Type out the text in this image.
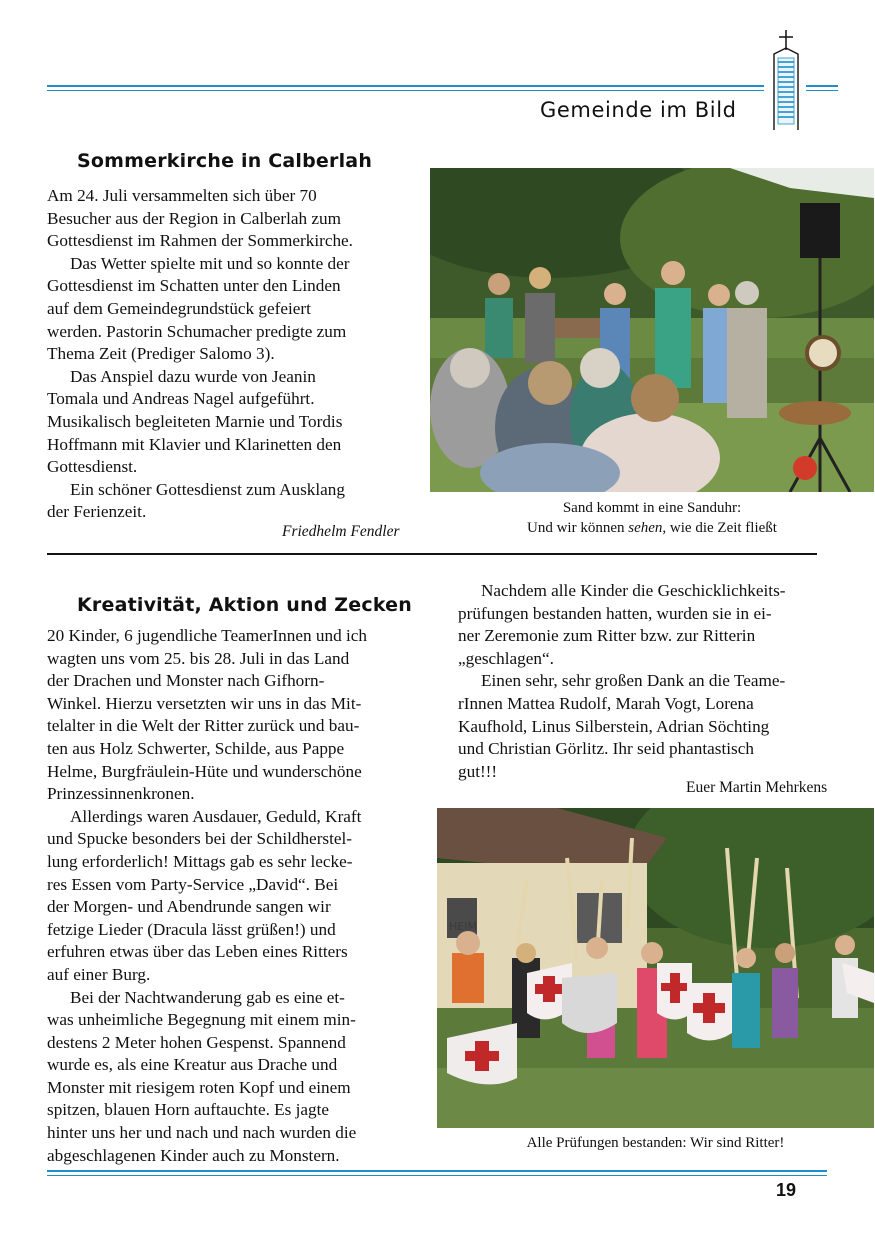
Gemeinde im Bild
Sommerkirche in Calberlah

Am 24. Juli versammelten sich über 70

Besucher aus der Region in Calberlah zum

Gottesdienst im Rahmen der Sommerkirche.

Das Wetter spielte mit und so konnte der

Gottesdienst im Schatten unter den Linden

auf dem Gemeindegrundstück gefeiert

werden. Pastorin Schumacher predigte zum

Thema Zeit (Prediger Salomo 3).

Das Anspiel dazu wurde von Jeanin

Tomala und Andreas Nagel aufgeführt.

Musikalisch begleiteten Marnie und Tordis

Hoffmann mit Klavier und Klarinetten den

Gottesdienst.

Ein schöner Gottesdienst zum Ausklang

der Ferienzeit.

Friedhelm Fendler
Sand kommt in eine Sanduhr:
Und wir können sehen, wie die Zeit fließt
Kreativität, Aktion und Zecken

20 Kinder, 6 jugendliche TeamerInnen und ich

wagten uns vom 25. bis 28. Juli in das Land

der Drachen und Monster nach Gifhorn-

Winkel. Hierzu versetzten wir uns in das Mit-

telalter in die Welt der Ritter zurück und bau-

ten aus Holz Schwerter, Schilde, aus Pappe

Helme, Burgfräulein-Hüte und wunderschöne

Prinzessinnenkronen.

Allerdings waren Ausdauer, Geduld, Kraft

und Spucke besonders bei der Schildherstel-

lung erforderlich! Mittags gab es sehr lecke-

res Essen vom Party-Service „David“. Bei

der Morgen- und Abendrunde sangen wir

fetzige Lieder (Dracula lässt grüßen!) und

erfuhren etwas über das Leben eines Ritters

auf einer Burg.

Bei der Nachtwanderung gab es eine et-

was unheimliche Begegnung mit einem min-

destens 2 Meter hohen Gespenst. Spannend

wurde es, als eine Kreatur aus Drache und

Monster mit riesigem roten Kopf und einem

spitzen, blauen Horn auftauchte. Es jagte

hinter uns her und nach und nach wurden die

abgeschlagenen Kinder auch zu Monstern.

Nachdem alle Kinder die Geschicklichkeits-

prüfungen bestanden hatten, wurden sie in ei-

ner Zeremonie zum Ritter bzw. zur Ritterin

„geschlagen“.

Einen sehr, sehr großen Dank an die Teame-

rInnen Mattea Rudolf, Marah Vogt, Lorena

Kaufhold, Linus Silberstein, Adrian Söchting

und Christian Görlitz. Ihr seid phantastisch

gut!!!

Euer Martin Mehrkens
HEIM
Alle Prüfungen bestanden: Wir sind Ritter!
19
